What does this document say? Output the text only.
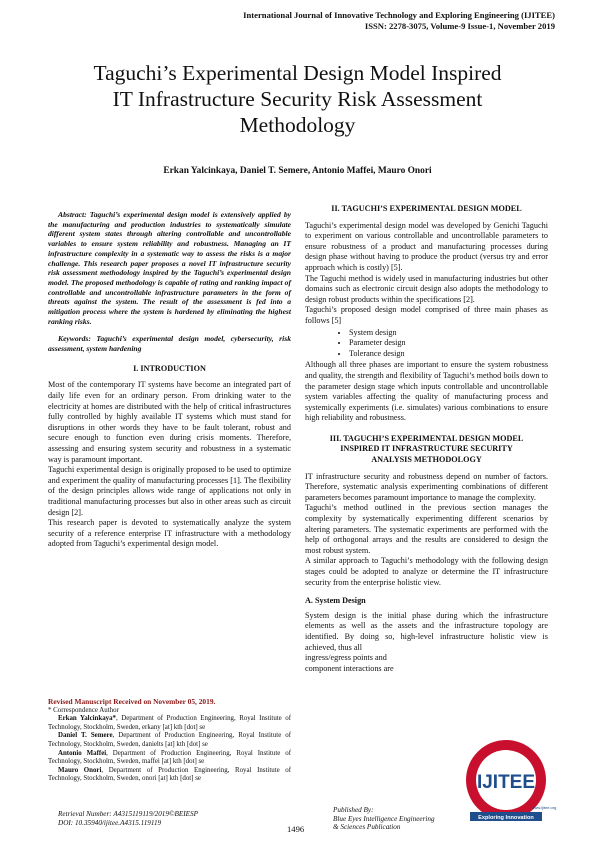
International Journal of Innovative Technology and Exploring Engineering (IJITEE)
ISSN: 2278-3075, Volume-9 Issue-1, November 2019
Taguchi’s Experimental Design Model Inspired
IT Infrastructure Security Risk Assessment
Methodology
Erkan Yalcinkaya, Daniel T. Semere, Antonio Maffei, Mauro Onori

Abstract: Taguchi’s experimental design model is extensively applied by the manufacturing and production industries to systematically simulate different system states through altering controllable and uncontrollable variables to ensure system reliability and robustness. Managing an IT infrastructure complexity in a systematic way to assess the risks is a major challenge. This research paper proposes a novel IT infrastructure security risk assessment methodology inspired by the Taguchi’s experimental design model. The proposed methodology is capable of rating and ranking impact of controllable and uncontrollable infrastructure parameters in the form of threats against the system. The result of the assessment is fed into a mitigation process where the system is hardened by eliminating the highest ranking risks.

Keywords: Taguchi’s experimental design model, cybersecurity, risk assessment, system hardening

I. INTRODUCTION

Most of the contemporary IT systems have become an integrated part of daily life even for an ordinary person. From drinking water to the electricity at homes are distributed with the help of critical infrastructures fully controlled by highly available IT systems which must stand for disruptions in other words they have to be fault tolerant, robust and secure enough to function even during crisis moments. Therefore, assessing and ensuring system security and robustness in a systematic way is paramount important.

Taguchi experimental design is originally proposed to be used to optimize and experiment the quality of manufacturing processes [1]. The flexibility of the design principles allows wide range of applications not only in traditional manufacturing processes but also in other areas such as circuit design [2].

This research paper is devoted to systematically analyze the system security of a reference enterprise IT infrastructure with a methodology adopted from Taguchi’s experimental design model.

Revised Manuscript Received on November 05, 2019.

* Correspondence Author

Erkan Yalcinkaya*, Department of Production Engineering, Royal Institute of Technology, Stockholm, Sweden, erkany [at] kth [dot] se

Daniel T. Semere, Department of Production Engineering, Royal Institute of Technology, Stockholm, Sweden, danielts [at] kth [dot] se

Antonio Maffei, Department of Production Engineering, Royal Institute of Technology, Stockholm, Sweden, maffei [at] kth [dot] se

Mauro Onori, Department of Production Engineering, Royal Institute of Technology, Stockholm, Sweden, onori [at] kth [dot] se

II. TAGUCHI’S EXPERIMENTAL DESIGN MODEL

Taguchi’s experimental design model was developed by Genichi Taguchi to experiment on various controllable and uncontrollable parameters to ensure robustness of a product and manufacturing processes during design phase without having to produce the product (versus try and error approach which is costly) [5].

The Taguchi method is widely used in manufacturing industries but other domains such as electronic circuit design also adopts the methodology to design robust products within the specifications [2].

Taguchi’s proposed design model comprised of three main phases as follows [5]

• System design
• Parameter design
• Tolerance design

Although all three phases are important to ensure the system robustness and quality, the strength and flexibility of Taguchi’s method boils down to the parameter design stage which inputs controllable and uncontrollable system variables affecting the quality of manufacturing process and systemically experiments (i.e. simulates) various combinations to ensure high reliability and robustness.

III. TAGUCHI’S EXPERIMENTAL DESIGN MODEL
INSPIRED IT INFRASTRUCTURE SECURITY
ANALYSIS METHODOLOGY

IT infrastructure security and robustness depend on number of factors. Therefore, systematic analysis experimenting combinations of different parameters becomes paramount importance to manage the complexity.

Taguchi’s method outlined in the previous section manages the complexity by systematically experimenting different scenarios by altering parameters. The systematic experiments are performed with the help of orthogonal arrays and the results are considered to design the most robust system.

A similar approach to Taguchi’s methodology with the following design stages could be adopted to analyze or determine the IT infrastructure security from the enterprise holistic view.

A. System Design

System design is the initial phase during which the infrastructure elements as well as the assets and the infrastructure topology are identified. By doing so, high-level infrastructure holistic view is achieved, thus all

ingress/egress points and

component interactions are

Technology and Exploring
IJITEE
Exploring Innovation
www.ijitee.org
Retrieval Number: A4315119119/2019©BEIESP
DOI: 10.35940/ijitee.A4315.119119
1496
Published By:
Blue Eyes Intelligence Engineering
& Sciences Publication
